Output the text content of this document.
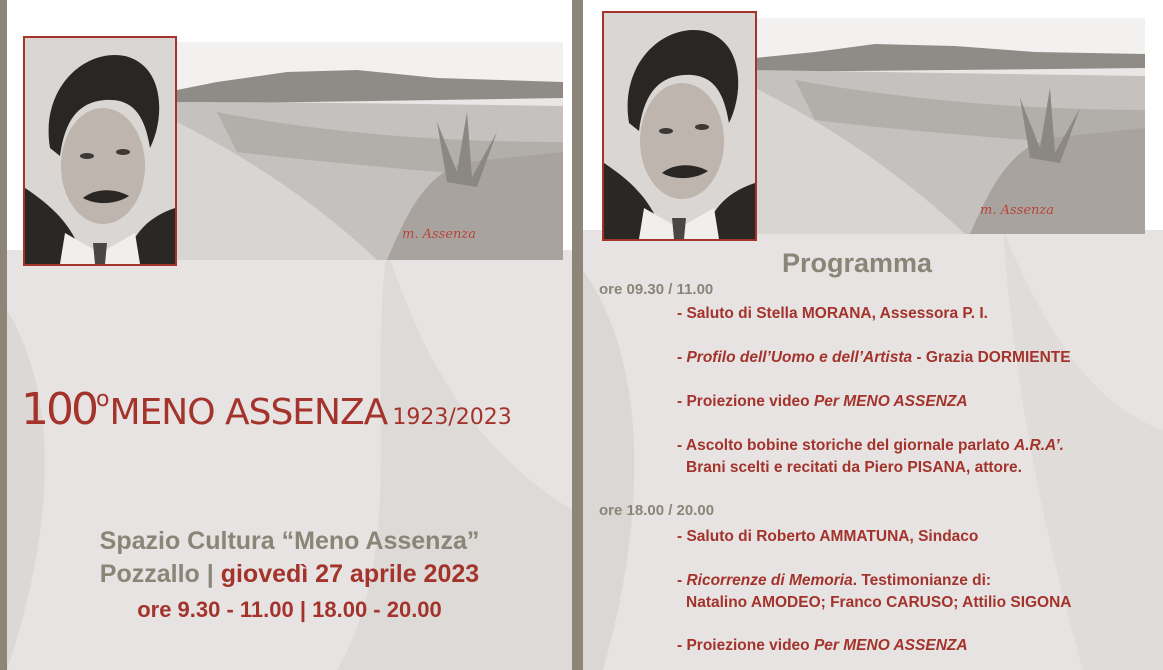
m. Assenza
100oMENO ASSENZA 1923/2023
Spazio Cultura “Meno Assenza”
Pozzallo | giovedì 27 aprile 2023
ore 9.30 - 11.00 | 18.00 - 20.00
m. Assenza
Programma
ore 09.30 / 11.00
- Saluto di Stella MORANA, Assessora P. I.
- Profilo dell’Uomo e dell’Artista - Grazia DORMIENTE
- Proiezione video Per MENO ASSENZA
- Ascolto bobine storiche del giornale parlato A.R.A’.
Brani scelti e recitati da Piero PISANA, attore.
ore 18.00 / 20.00
- Saluto di Roberto AMMATUNA, Sindaco
- Ricorrenze di Memoria. Testimonianze di:
Natalino AMODEO; Franco CARUSO; Attilio SIGONA
- Proiezione video Per MENO ASSENZA
